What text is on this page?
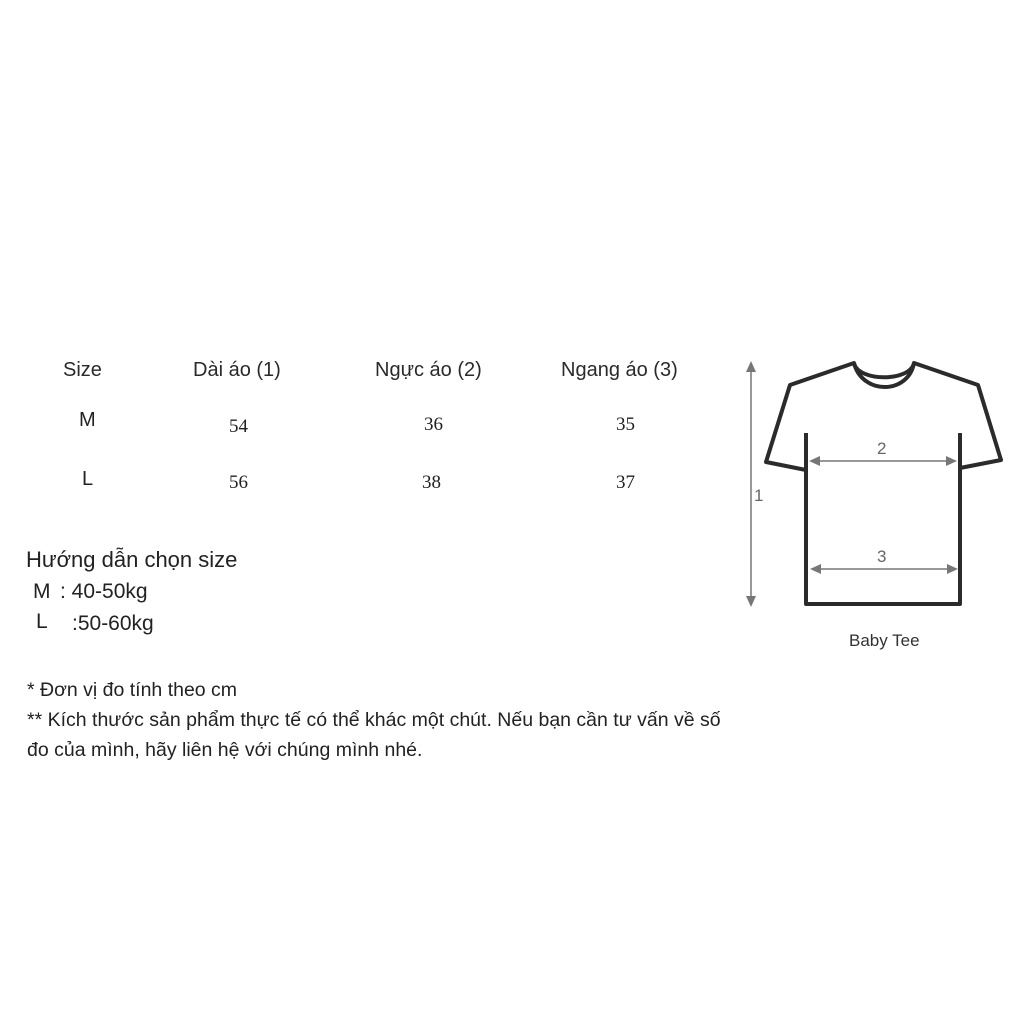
Size	Dài áo (1)	Ngực áo (2)	Ngang áo (3)
M	54	36	35
L	56	38	37
Hướng dẫn chọn size
M : 40-50kg
L :50-60kg
* Đơn vị đo tính theo cm
** Kích thước sản phẩm thực tế có thể khác một chút. Nếu bạn cần tư vấn về số đo của mình, hãy liên hệ với chúng mình nhé.
1
2
3
Baby Tee
